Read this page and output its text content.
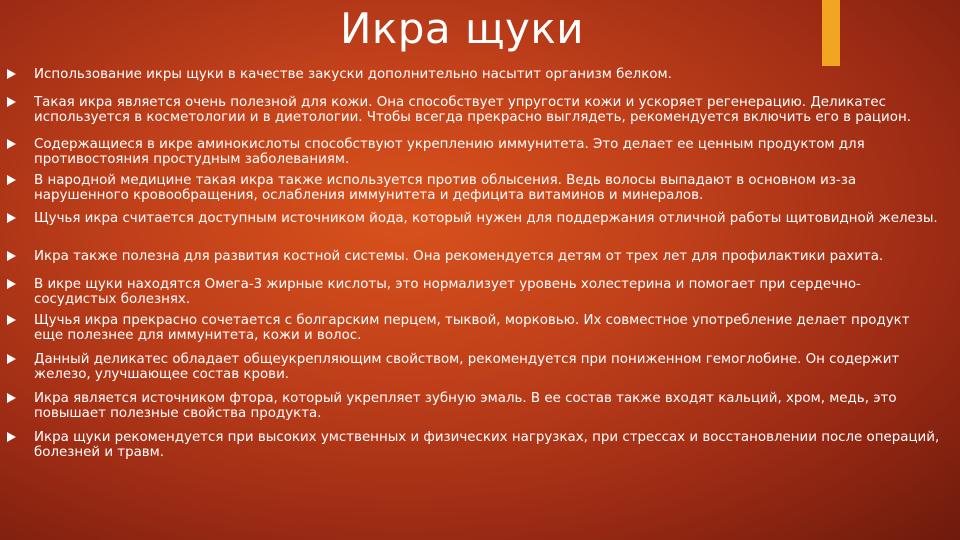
Икра щуки
Использование икры щуки в качестве закуски дополнительно насытит организм белком.
Такая икра является очень полезной для кожи. Она способствует упругости кожи и ускоряет регенерацию. Деликатес используется в косметологии и в диетологии. Чтобы всегда прекрасно выглядеть, рекомендуется включить его в рацион.
Содержащиеся в икре аминокислоты способствуют укреплению иммунитета. Это делает ее ценным продуктом для противостояния простудным заболеваниям.
В народной медицине такая икра также используется против облысения. Ведь волосы выпадают в основном из-за нарушенного кровообращения, ослабления иммунитета и дефицита витаминов и минералов.
Щучья икра считается доступным источником йода, который нужен для поддержания отличной работы щитовидной железы.
Икра также полезна для развития костной системы. Она рекомендуется детям от трех лет для профилактики рахита.
В икре щуки находятся Омега-3 жирные кислоты, это нормализует уровень холестерина и помогает при сердечно-сосудистых болезнях.
Щучья икра прекрасно сочетается с болгарским перцем, тыквой, морковью. Их совместное употребление делает продукт еще полезнее для иммунитета, кожи и волос.
Данный деликатес обладает общеукрепляющим свойством, рекомендуется при пониженном гемоглобине. Он содержит железо, улучшающее состав крови.
Икра является источником фтора, который укрепляет зубную эмаль. В ее состав также входят кальций, хром, медь, это повышает полезные свойства продукта.
Икра щуки рекомендуется при высоких умственных и физических нагрузках, при стрессах и восстановлении после операций, болезней и травм.
